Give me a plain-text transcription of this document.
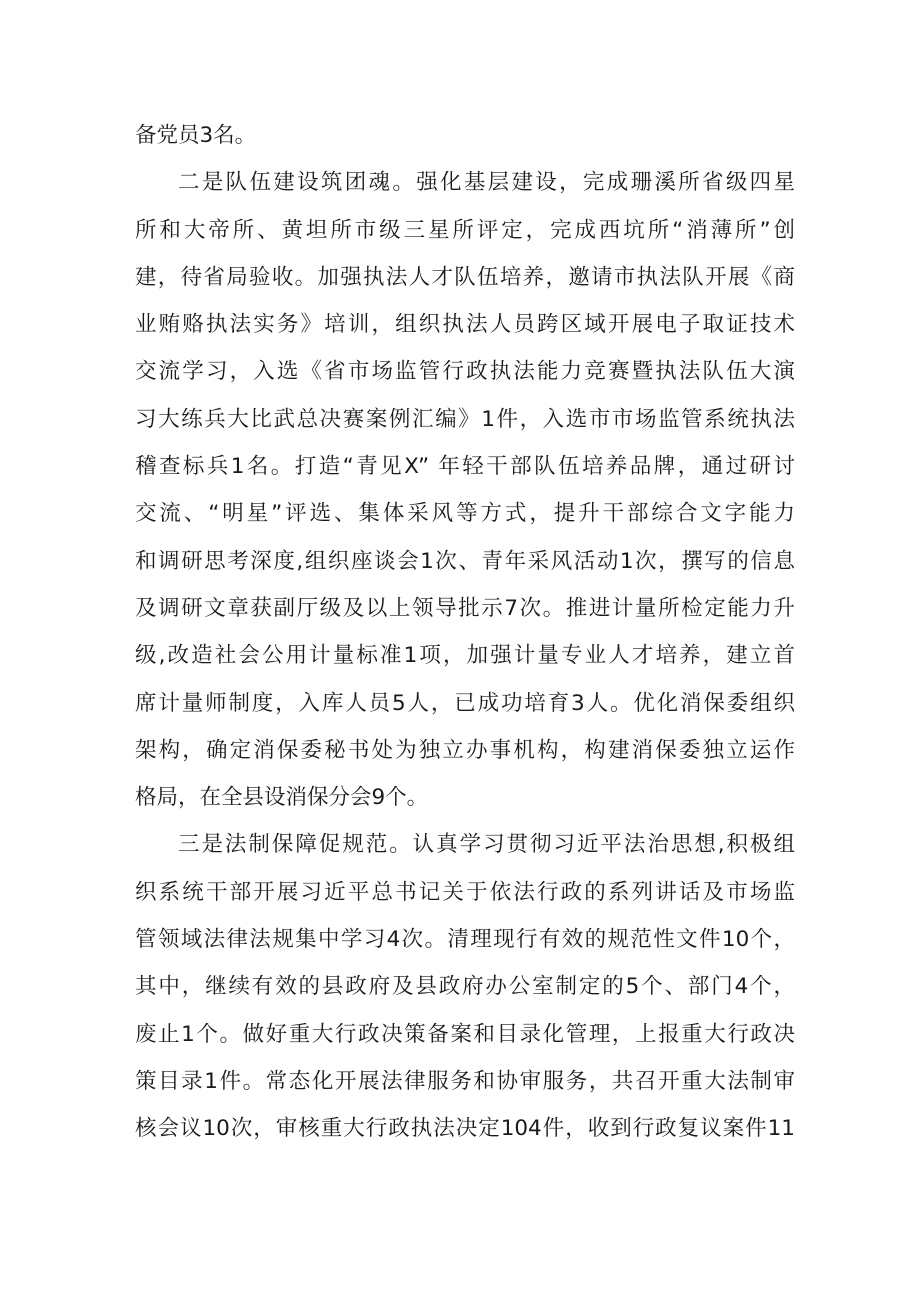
备党员3名。
二是队伍建设筑团魂。强化基层建设，完成珊溪所省级四星
所和大帝所、黄坦所市级三星所评定，完成西坑所“消薄所”创
建，待省局验收。加强执法人才队伍培养，邀请市执法队开展《商
业贿赂执法实务》培训，组织执法人员跨区域开展电子取证技术
交流学习，入选《省市场监管行政执法能力竞赛暨执法队伍大演
习大练兵大比武总决赛案例汇编》1件，入选市市场监管系统执法
稽查标兵1名。打造“青见X” 年轻干部队伍培养品牌，通过研讨
交流、“明星”评选、集体采风等方式，提升干部综合文字能力
和调研思考深度,组织座谈会1次、青年采风活动1次，撰写的信息
及调研文章获副厅级及以上领导批示7次。推进计量所检定能力升
级,改造社会公用计量标准1项，加强计量专业人才培养，建立首
席计量师制度，入库人员5人，已成功培育3人。优化消保委组织
架构，确定消保委秘书处为独立办事机构，构建消保委独立运作
格局，在全县设消保分会9个。
三是法制保障促规范。认真学习贯彻习近平法治思想,积极组
织系统干部开展习近平总书记关于依法行政的系列讲话及市场监
管领域法律法规集中学习4次。清理现行有效的规范性文件10个，
其中，继续有效的县政府及县政府办公室制定的5个、部门4个，
废止1个。做好重大行政决策备案和目录化管理，上报重大行政决
策目录1件。常态化开展法律服务和协审服务，共召开重大法制审
核会议10次，审核重大行政执法决定104件，收到行政复议案件11
